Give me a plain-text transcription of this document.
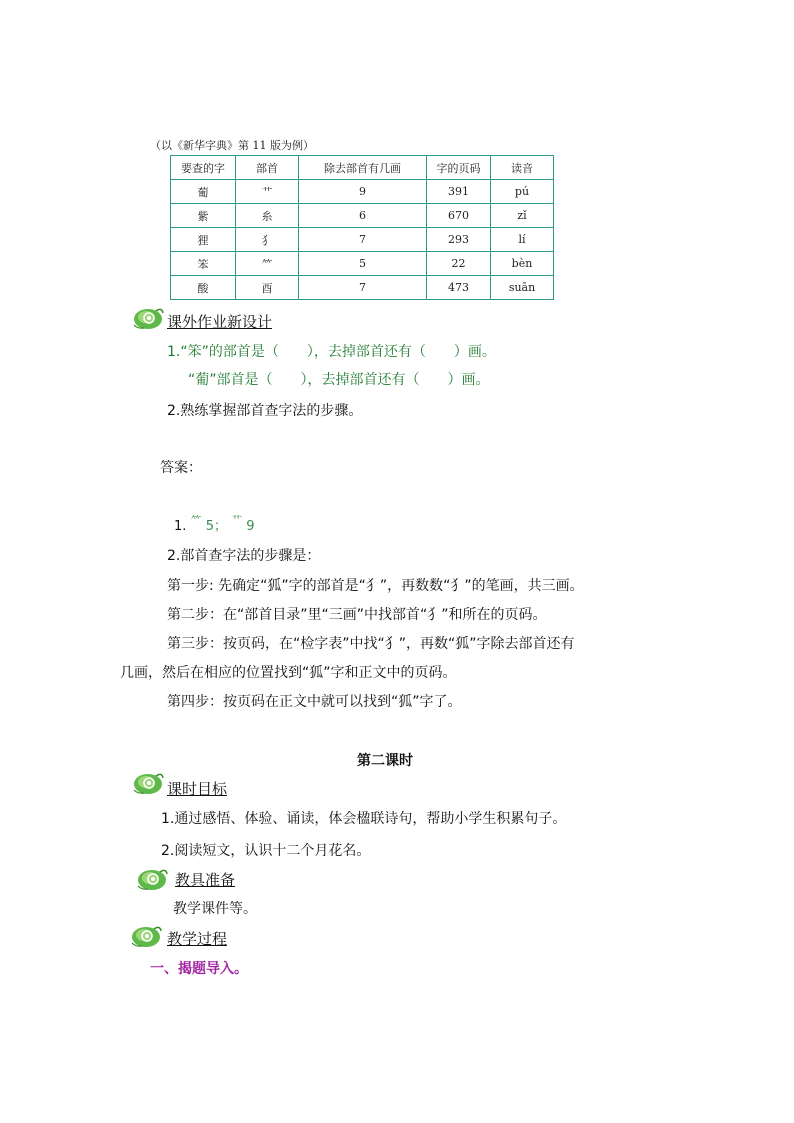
（以《新华字典》第 11 版为例）
要查的字	部首	除去部首有几画	字的页码	读音
葡	艹	9	391	pú
紫	糸	6	670	zǐ
狸	犭	7	293	lí
笨	⺮	5	22	bèn
酸	酉	7	473	suān
课外作业新设计
1.“笨”的部首是（　　），去掉部首还有（　　）画。
“葡”部首是（　　），去掉部首还有（　　）画。
2.熟练掌握部首查字法的步骤。
答案：
1. ⺮ 5； $^艹$ 9
2.部首查字法的步骤是：
第一步: 先确定“狐”字的部首是“犭”，再数数“犭”的笔画，共三画。
第二步：在“部首目录”里“三画”中找部首“犭”和所在的页码。
第三步：按页码，在“检字表”中找“犭”，再数“狐”字除去部首还有
几画，然后在相应的位置找到“狐”字和正文中的页码。
第四步：按页码在正文中就可以找到“狐”字了。
第二课时
课时目标
1.通过感悟、体验、诵读，体会楹联诗句，帮助小学生积累句子。
2.阅读短文，认识十二个月花名。
教具准备
教学课件等。
教学过程
一、揭题导入。
